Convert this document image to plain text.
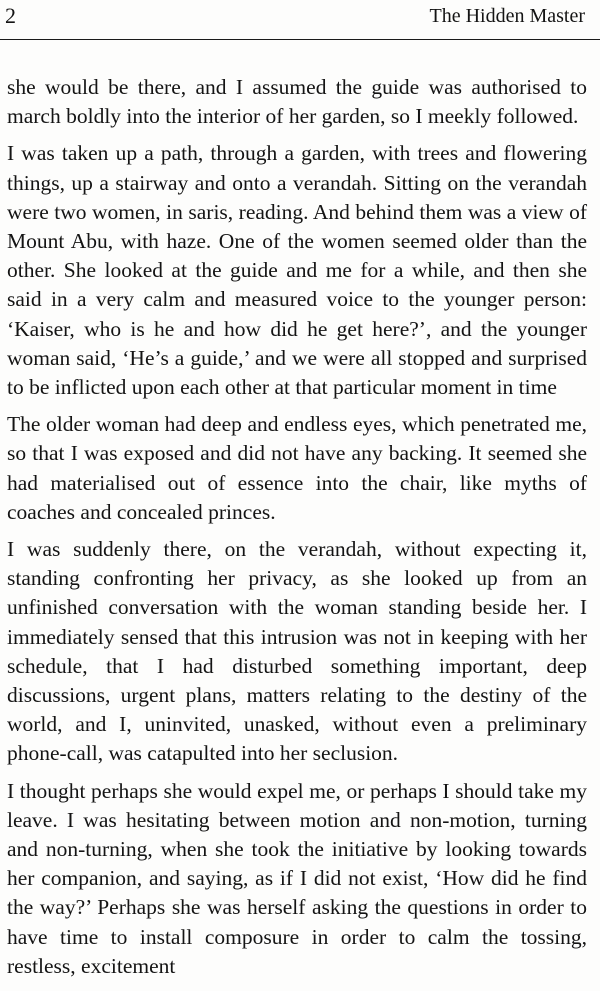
2	The Hidden Master

she would be there, and I assumed the guide was authorised to march boldly into the interior of her garden, so I meekly followed.

I was taken up a path, through a garden, with trees and flowering things, up a stairway and onto a verandah. Sitting on the verandah were two women, in saris, reading. And behind them was a view of Mount Abu, with haze. One of the women seemed older than the other. She looked at the guide and me for a while, and then she said in a very calm and measured voice to the younger person: ‘Kaiser, who is he and how did he get here?’, and the younger woman said, ‘He’s a guide,’ and we were all stopped and surprised to be inflicted upon each other at that particular moment in time

The older woman had deep and endless eyes, which penetrated me, so that I was exposed and did not have any backing. It seemed she had materialised out of essence into the chair, like myths of coaches and concealed princes.

I was suddenly there, on the verandah, without expecting it, standing confronting her privacy, as she looked up from an unfinished conversation with the woman standing beside her. I immediately sensed that this intrusion was not in keeping with her schedule, that I had disturbed something important, deep discussions, urgent plans, matters relating to the destiny of the world, and I, uninvited, unasked, without even a preliminary phone-call, was catapulted into her seclusion.

I thought perhaps she would expel me, or perhaps I should take my leave. I was hesitating between motion and non-motion, turning and non-turning, when she took the initiative by looking towards her companion, and saying, as if I did not exist, ‘How did he find the way?’ Perhaps she was herself asking the questions in order to have time to install composure in order to calm the tossing, restless, excitement
